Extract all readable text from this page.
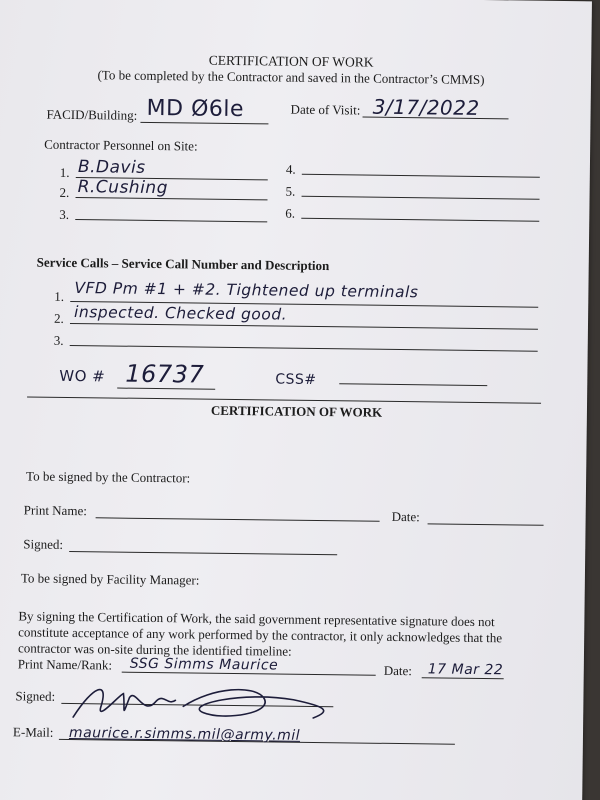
CERTIFICATION OF WORK
(To be completed by the Contractor and saved in the Contractor’s CMMS)
FACID/Building: MD Ø6le	Date of Visit: 3/17/2022
Contractor Personnel on Site:
1. B.Davis
2. R.Cushing
3.
4.
5.
6.
Service Calls – Service Call Number and Description
1. VFD Pm #1 + #2. Tightened up terminals
2. inspected. Checked good.
3.
WO # 16737	CSS#
CERTIFICATION OF WORK
To be signed by the Contractor:
Print Name:	Date:
Signed:
To be signed by Facility Manager:
By signing the Certification of Work, the said government representative signature does not
constitute acceptance of any work performed by the contractor, it only acknowledges that the
contractor was on-site during the identified timeline:
Print Name/Rank: SSG Simms Maurice	Date: 17 Mar 22
Signed:
E-Mail: maurice.r.simms.mil@army.mil
